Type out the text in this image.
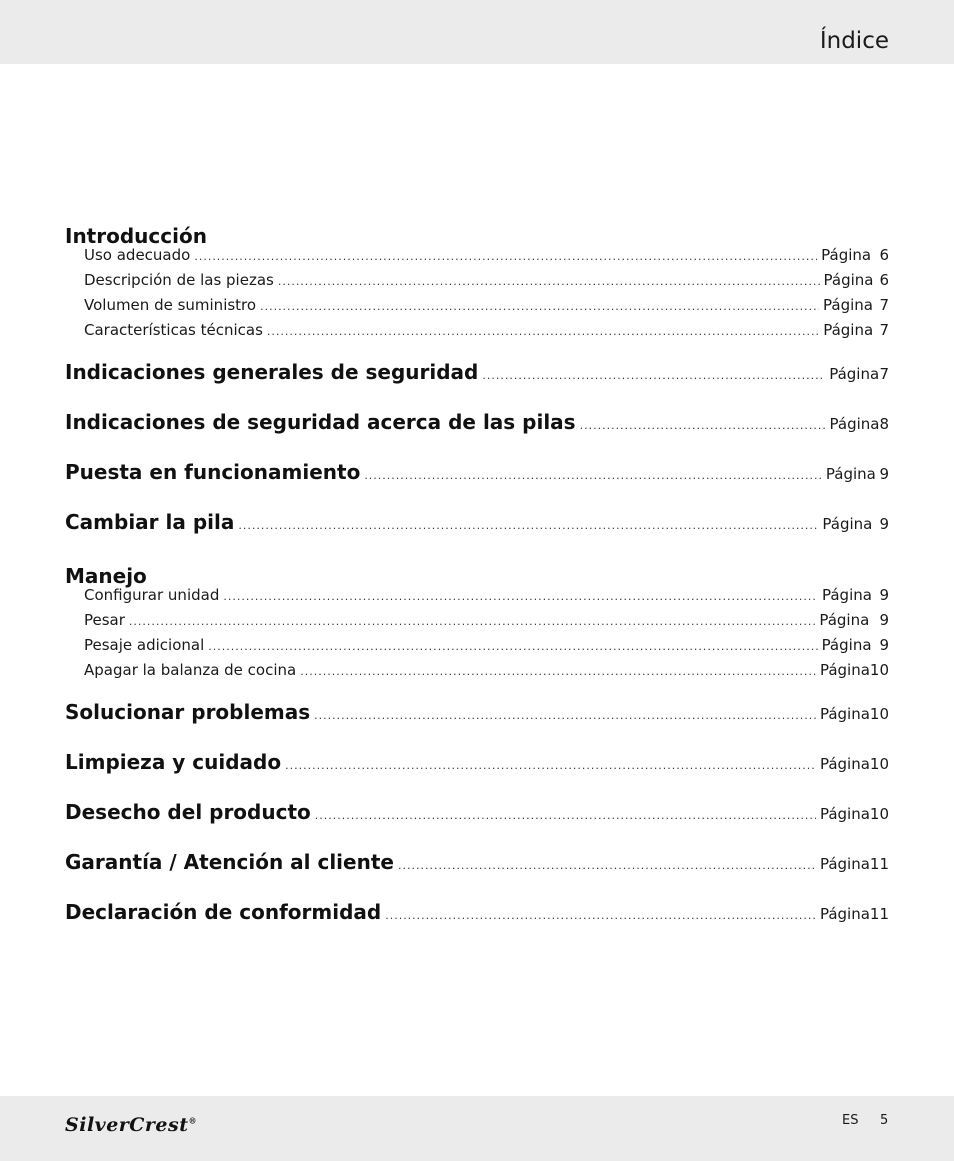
Índice
Introducción
Uso adecuado .....	Página 6
Descripción de las piezas .....	Página 6
Volumen de suministro .....	Página 7
Características técnicas .....	Página 7
Indicaciones generales de seguridad .....	Página 7
Indicaciones de seguridad acerca de las pilas .....	Página 8
Puesta en funcionamiento .....	Página 9
Cambiar la pila .....	Página 9
Manejo
Configurar unidad .....	Página 9
Pesar .....	Página 9
Pesaje adicional .....	Página 9
Apagar la balanza de cocina .....	Página 10
Solucionar problemas .....	Página 10
Limpieza y cuidado .....	Página 10
Desecho del producto .....	Página 10
Garantía / Atención al cliente .....	Página 11
Declaración de conformidad .....	Página 11
SilverCrest®	ES 5
